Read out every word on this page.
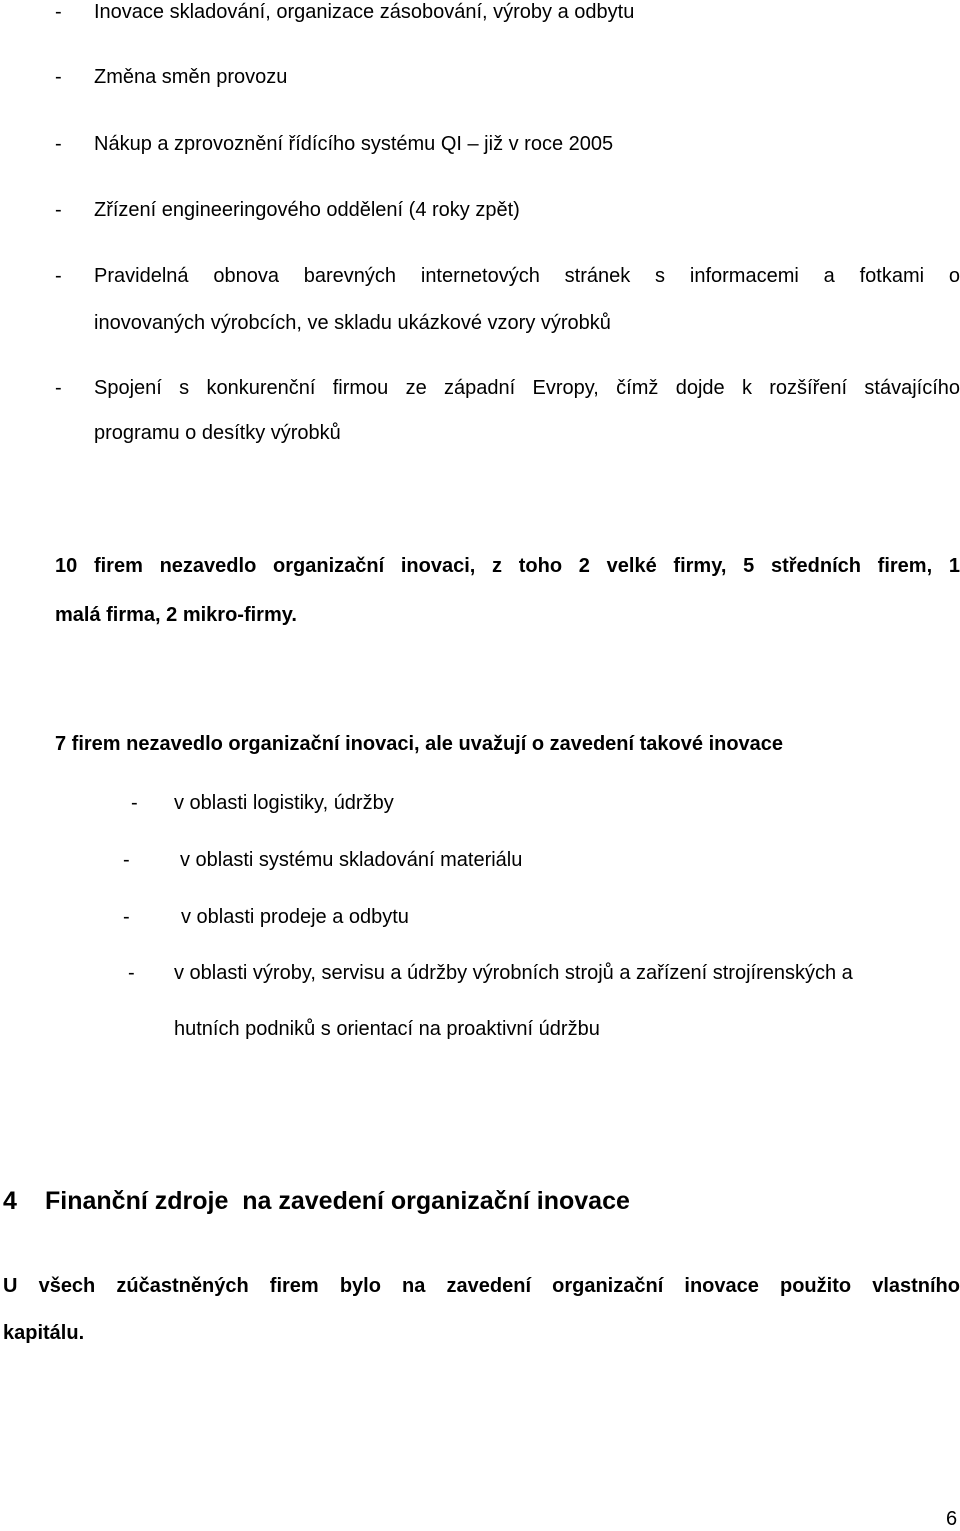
- Inovace skladování, organizace zásobování, výroby a odbytu
- Změna směn provozu
- Nákup a zprovoznění řídícího systému QI – již v roce 2005
- Zřízení engineeringového oddělení (4 roky zpět)
- Pravidelná obnova barevných internetových stránek s informacemi a fotkami o
inovovaných výrobcích, ve skladu ukázkové vzory výrobků
- Spojení s konkurenční firmou ze západní Evropy, čímž dojde k rozšíření stávajícího
programu o desítky výrobků
10 firem nezavedlo organizační inovaci, z toho 2 velké firmy, 5 středních firem, 1
malá firma, 2 mikro-firmy.
7 firem nezavedlo organizační inovaci, ale uvažují o zavedení takové inovace
- v oblasti logistiky, údržby
-	v oblasti systému skladování materiálu
-	v oblasti prodeje a odbytu
- v oblasti výroby, servisu a údržby výrobních strojů a zařízení strojírenských a
hutních podniků s orientací na proaktivní údržbu
4 Finanční zdroje  na zavedení organizační inovace
U všech zúčastněných firem bylo na zavedení organizační inovace použito vlastního
kapitálu.
6
